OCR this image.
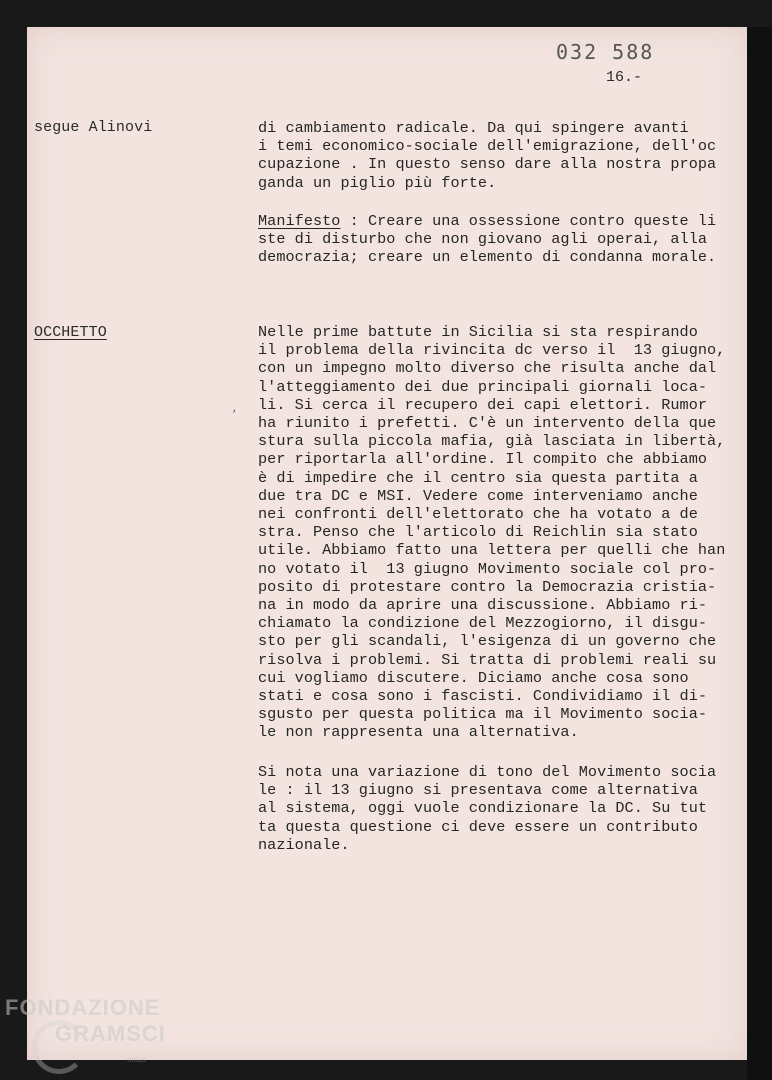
032 588
16.-
segue Alinovi	di cambiamento radicale. Da qui spingere avanti
i temi economico-sociale dell'emigrazione, dell'oc
cupazione . In questo senso dare alla nostra propa
ganda un piglio più forte.
Manifesto : Creare una ossessione contro queste li
ste di disturbo che non giovano agli operai, alla
democrazia; creare un elemento di condanna morale.
OCCHETTO	Nelle prime battute in Sicilia si sta respirando
il problema della rivincita dc verso il  13 giugno,
con un impegno molto diverso che risulta anche dal
l'atteggiamento dei due principali giornali loca-
li. Si cerca il recupero dei capi elettori. Rumor
ha riunito i prefetti. C'è un intervento della que
stura sulla piccola mafia, già lasciata in libertà,
per riportarla all'ordine. Il compito che abbiamo
è di impedire che il centro sia questa partita a
due tra DC e MSI. Vedere come interveniamo anche
nei confronti dell'elettorato che ha votato a de
stra. Penso che l'articolo di Reichlin sia stato
utile. Abbiamo fatto una lettera per quelli che han
no votato il  13 giugno Movimento sociale col pro-
posito di protestare contro la Democrazia cristia-
na in modo da aprire una discussione. Abbiamo ri-
chiamato la condizione del Mezzogiorno, il disgu-
sto per gli scandali, l'esigenza di un governo che
risolva i problemi. Si tratta di problemi reali su
cui vogliamo discutere. Diciamo anche cosa sono
stati e cosa sono i fascisti. Condividiamo il di-
sgusto per questa politica ma il Movimento socia-
le non rappresenta una alternativa.
,
Si nota una variazione di tono del Movimento socia
le : il 13 giugno si presentava come alternativa
al sistema, oggi vuole condizionare la DC. Su tut
ta questa questione ci deve essere un contributo
nazionale.
FONDAZIONE
GRAMSCI
onlus
